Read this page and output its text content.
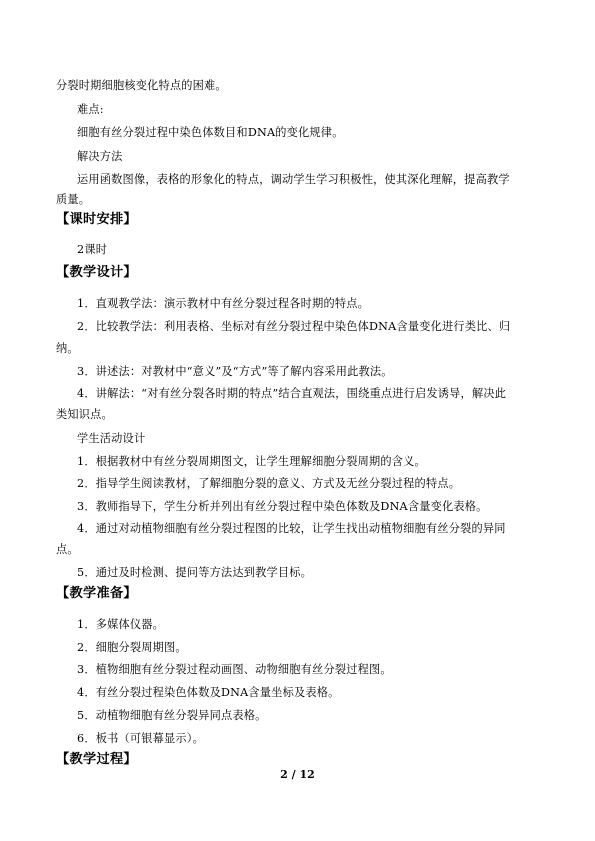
分裂时期细胞核变化特点的困难。
难点:
细胞有丝分裂过程中染色体数目和DNA的变化规律。
解决方法
运用函数图像，表格的形象化的特点，调动学生学习积极性，使其深化理解，提高教学
质量。
【课时安排】
2课时
【教学设计】
1．直观教学法：演示教材中有丝分裂过程各时期的特点。
2．比较教学法：利用表格、坐标对有丝分裂过程中染色体DNA含量变化进行类比、归
纳。
3．讲述法：对教材中“意义”及“方式”等了解内容采用此教法。
4．讲解法：“对有丝分裂各时期的特点”结合直观法，围绕重点进行启发诱导，解决此
类知识点。
学生活动设计
1．根据教材中有丝分裂周期图文，让学生理解细胞分裂周期的含义。
2．指导学生阅读教材，了解细胞分裂的意义、方式及无丝分裂过程的特点。
3．教师指导下，学生分析并列出有丝分裂过程中染色体数及DNA含量变化表格。
4．通过对动植物细胞有丝分裂过程图的比较，让学生找出动植物细胞有丝分裂的异同
点。
5．通过及时检测、提问等方法达到教学目标。
【教学准备】
1．多媒体仪器。
2．细胞分裂周期图。
3．植物细胞有丝分裂过程动画图、动物细胞有丝分裂过程图。
4．有丝分裂过程染色体数及DNA含量坐标及表格。
5．动植物细胞有丝分裂异同点表格。
6．板书（可银幕显示）。
【教学过程】
2 / 12
